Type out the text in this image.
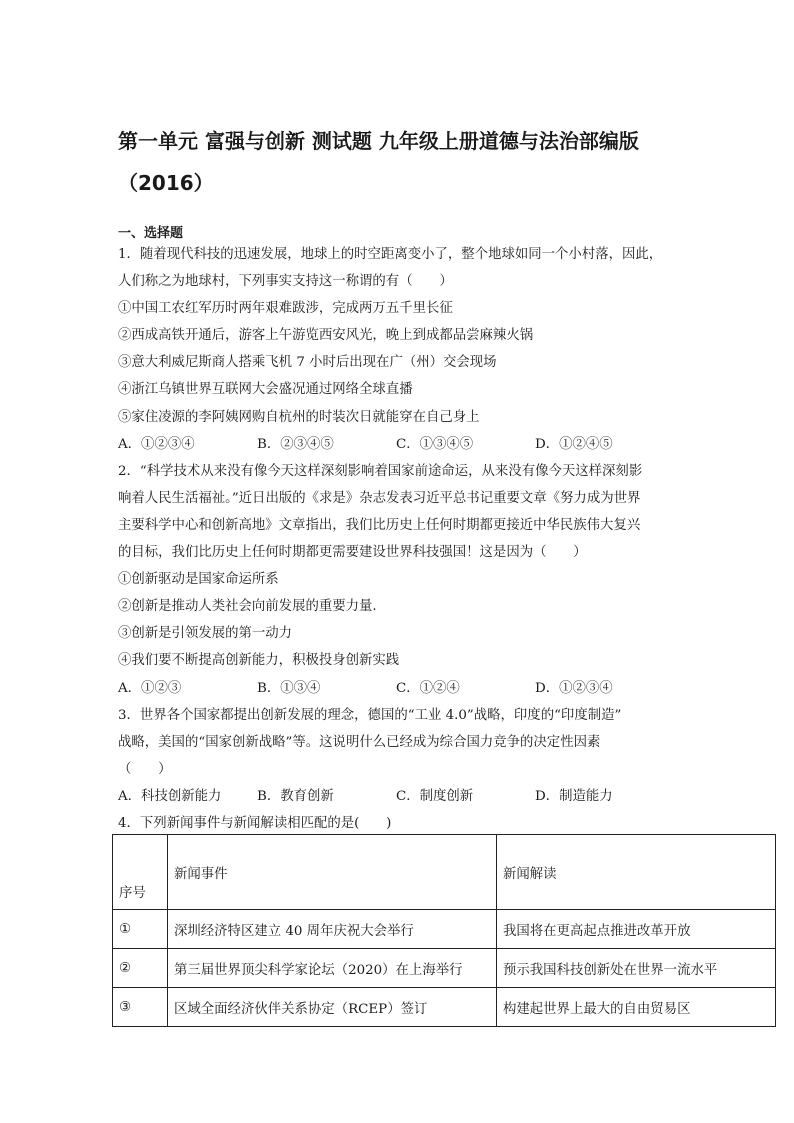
第一单元 富强与创新 测试题 九年级上册道德与法治部编版（2016）
一、选择题
1．随着现代科技的迅速发展，地球上的时空距离变小了，整个地球如同一个小村落，因此，
人们称之为地球村，下列事实支持这一称谓的有（　　）
①中国工农红军历时两年艰难跋涉，完成两万五千里长征
②西成高铁开通后，游客上午游览西安风光，晚上到成都品尝麻辣火锅
③意大利威尼斯商人搭乘飞机 7 小时后出现在广（州）交会现场
④浙江乌镇世界互联网大会盛况通过网络全球直播
⑤家住凌源的李阿姨网购自杭州的时装次日就能穿在自己身上
A．①②③④	B．②③④⑤	C．①③④⑤	D．①②④⑤
2．“科学技术从来没有像今天这样深刻影响着国家前途命运，从来没有像今天这样深刻影
响着人民生活福祉。”近日出版的《求是》杂志发表习近平总书记重要文章《努力成为世界
主要科学中心和创新高地》文章指出，我们比历史上任何时期都更接近中华民族伟大复兴
的目标，我们比历史上任何时期都更需要建设世界科技强国！这是因为（　　）
①创新驱动是国家命运所系
②创新是推动人类社会向前发展的重要力量.
③创新是引领发展的第一动力
④我们要不断提高创新能力，积极投身创新实践
A．①②③	B．①③④	C．①②④	D．①②③④
3．世界各个国家都提出创新发展的理念，德国的“工业 4.0”战略，印度的“印度制造”
战略，美国的“国家创新战略”等。这说明什么已经成为综合国力竞争的决定性因素
（　　）
A．科技创新能力	B．教育创新	C．制度创新	D．制造能力
4．下列新闻事件与新闻解读相匹配的是(　　)
序号	新闻事件	新闻解读
①	深圳经济特区建立 40 周年庆祝大会举行	我国将在更高起点推进改革开放
②	第三届世界顶尖科学家论坛（2020）在上海举行	预示我国科技创新处在世界一流水平
③	区域全面经济伙伴关系协定（RCEP）签订	构建起世界上最大的自由贸易区
